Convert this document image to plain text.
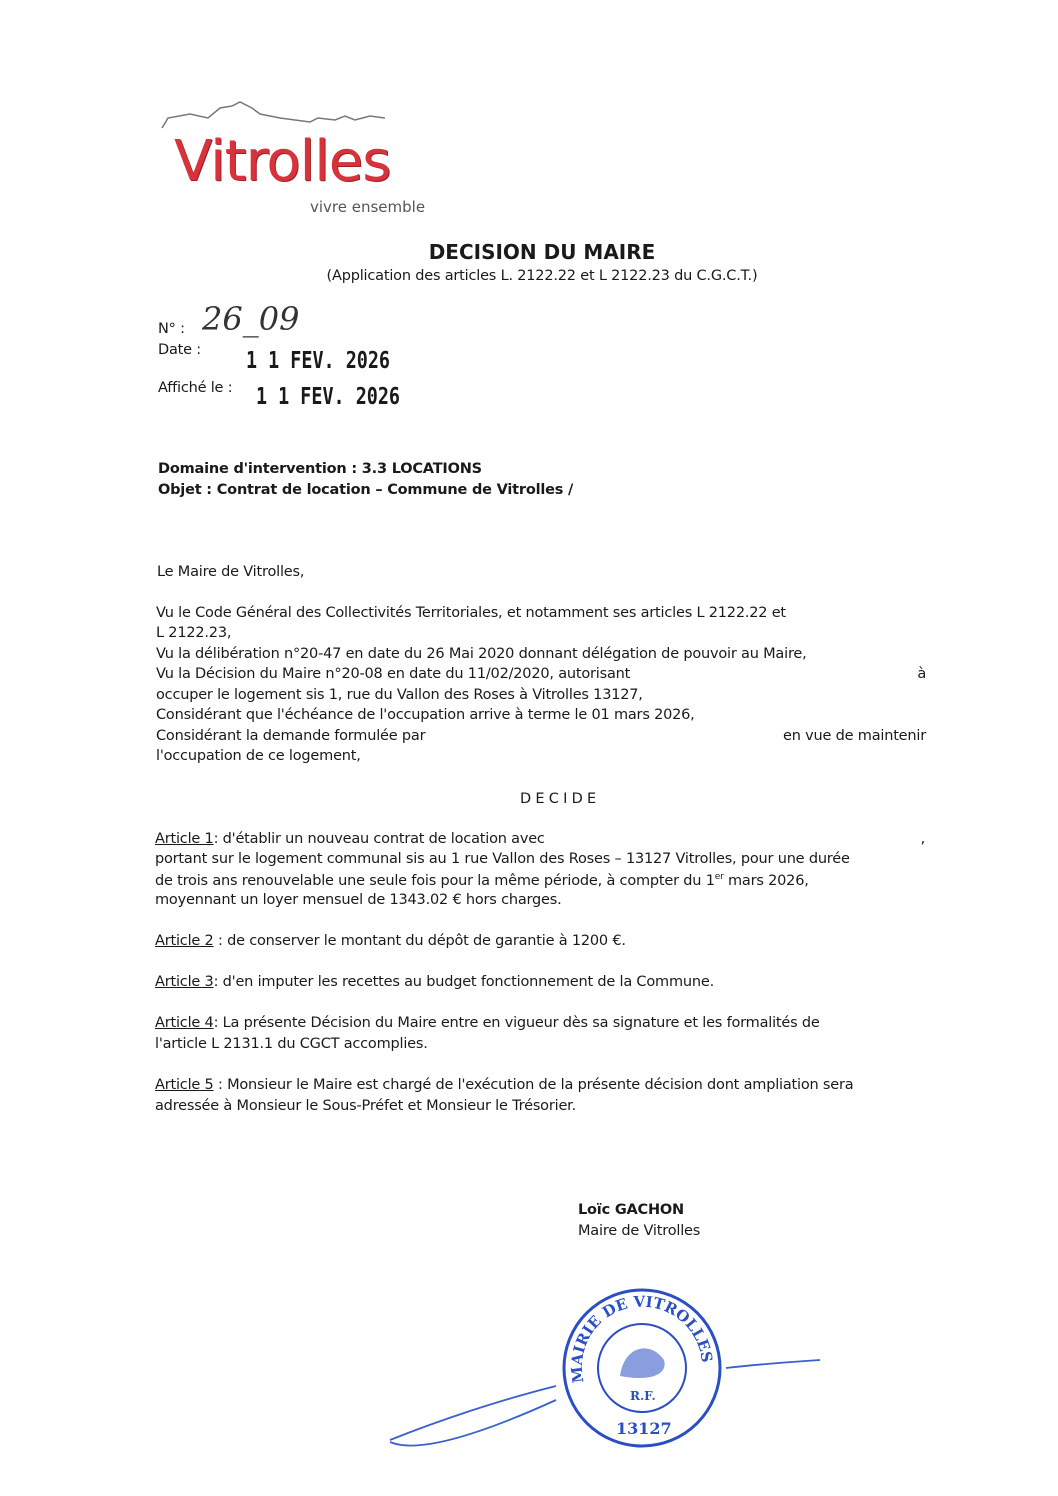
Vitrolles
vivre ensemble
DECISION DU MAIRE
(Application des articles L. 2122.22 et L 2122.23 du C.G.C.T.)
N° : 26_09
Date : 1 1 FEV. 2026
Affiché le : 1 1 FEV. 2026
Domaine d'intervention : 3.3 LOCATIONS
Objet : Contrat de location – Commune de Vitrolles /
Le Maire de Vitrolles,
Vu le Code Général des Collectivités Territoriales, et notamment ses articles L 2122.22 et
L 2122.23,
Vu la délibération n°20-47 en date du 26 Mai 2020 donnant délégation de pouvoir au Maire,
Vu la Décision du Maire n°20-08 en date du 11/02/2020, autorisant	à
occuper le logement sis 1, rue du Vallon des Roses à Vitrolles 13127,
Considérant que l'échéance de l'occupation arrive à terme le 01 mars 2026,
Considérant la demande formulée par	en vue de maintenir
l'occupation de ce logement,
D E C I D E
Article 1: d'établir un nouveau contrat de location avec	,
portant sur le logement communal sis au 1 rue Vallon des Roses – 13127 Vitrolles, pour une durée
de trois ans renouvelable une seule fois pour la même période, à compter du 1er mars 2026,
moyennant un loyer mensuel de 1343.02 € hors charges.
Article 2 : de conserver le montant du dépôt de garantie à 1200 €.
Article 3: d'en imputer les recettes au budget fonctionnement de la Commune.
Article 4: La présente Décision du Maire entre en vigueur dès sa signature et les formalités de
l'article L 2131.1 du CGCT accomplies.
Article 5 : Monsieur le Maire est chargé de l'exécution de la présente décision dont ampliation sera
adressée à Monsieur le Sous-Préfet et Monsieur le Trésorier.
Loïc GACHON
Maire de Vitrolles
MAIRIE DE VITROLLES
R.F.
13127
